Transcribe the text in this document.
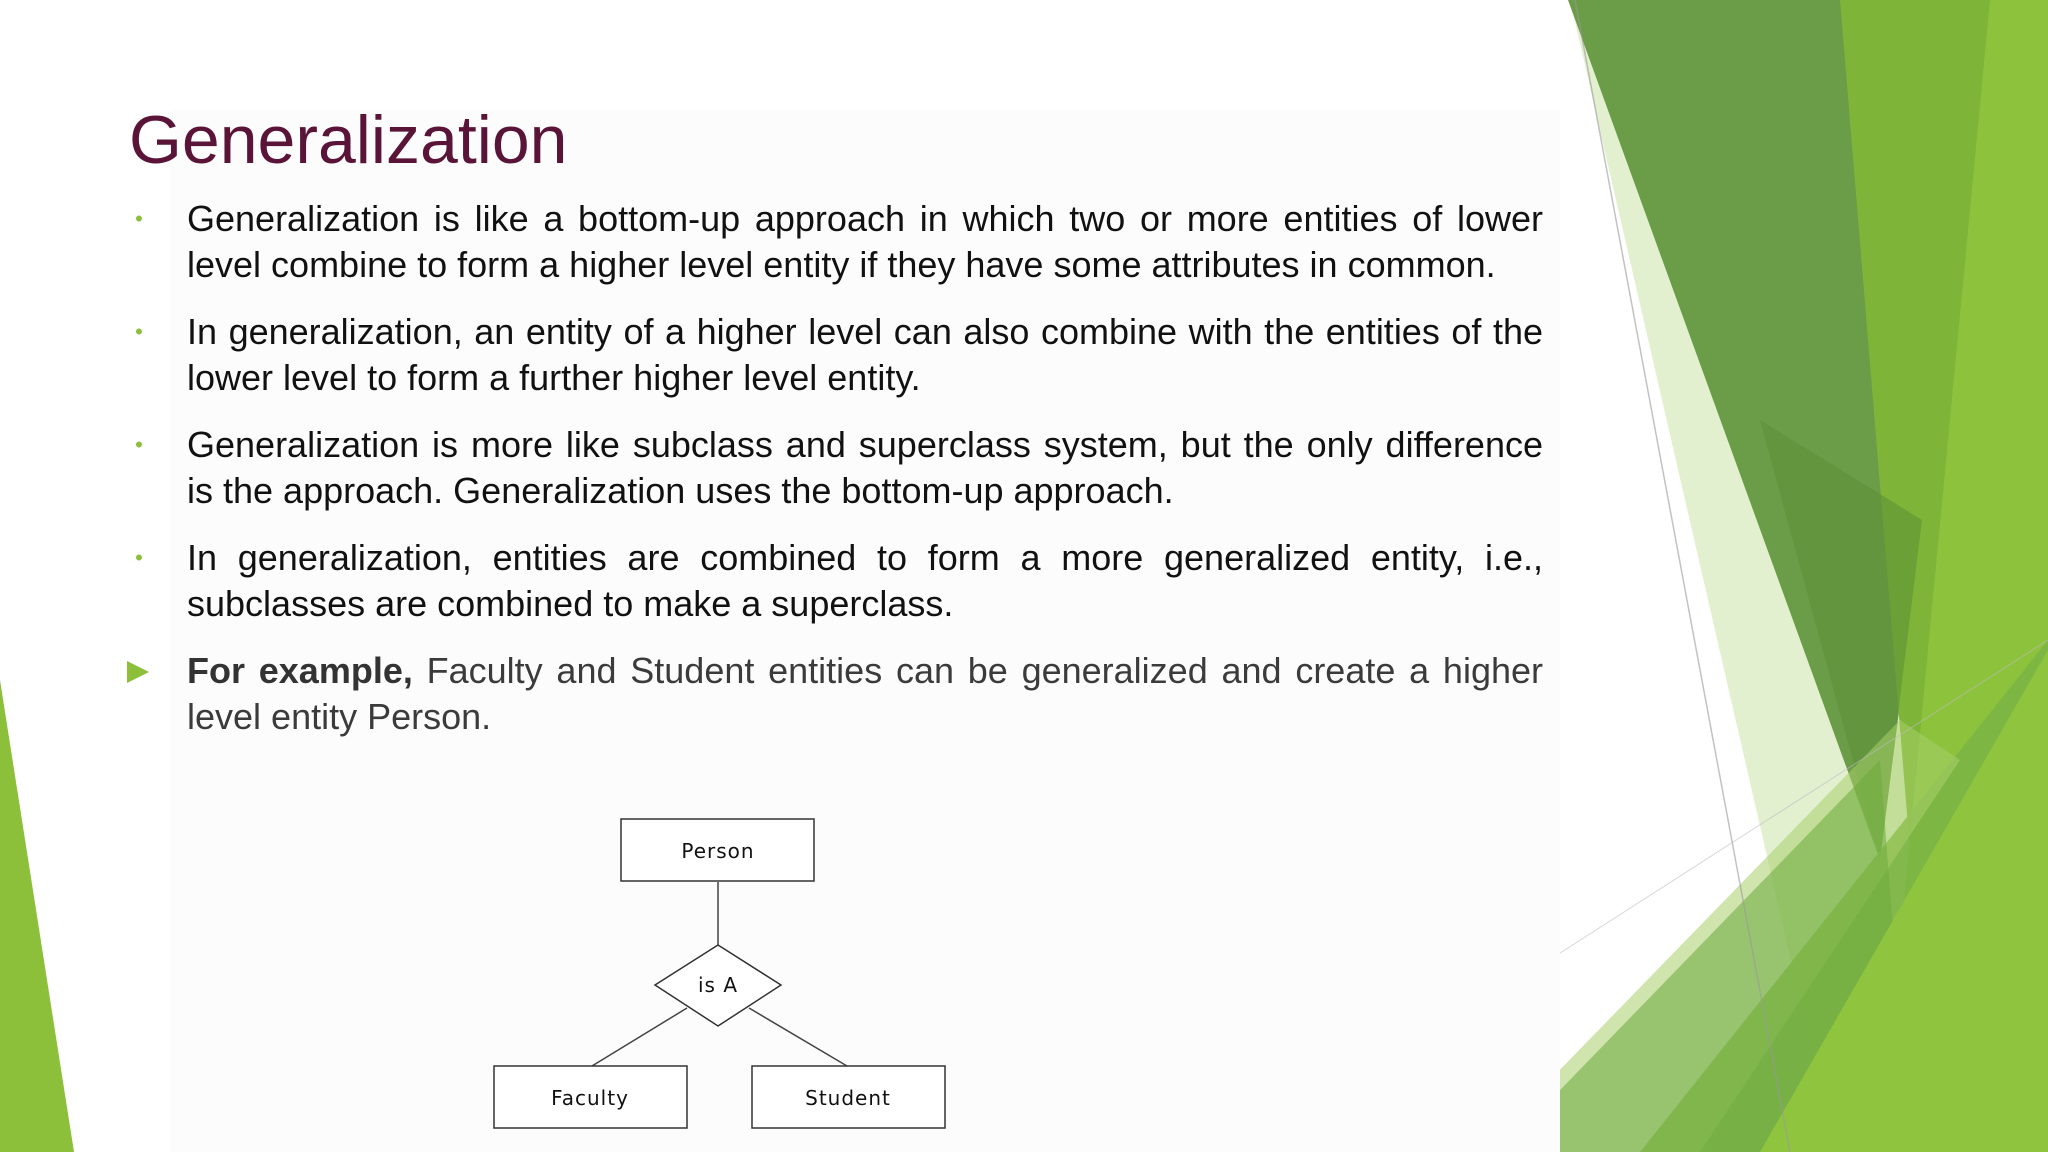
Generalization
• Generalization is like a bottom-up approach in which two or more entities of lower level combine to form a higher level entity if they have some attributes in common.
• In generalization, an entity of a higher level can also combine with the entities of the lower level to form a further higher level entity.
• Generalization is more like subclass and superclass system, but the only difference is the approach. Generalization uses the bottom-up approach.
• In generalization, entities are combined to form a more generalized entity, i.e., subclasses are combined to make a superclass.
For example, Faculty and Student entities can be generalized and create a higher level entity Person.
Person
is A
Faculty	Student
